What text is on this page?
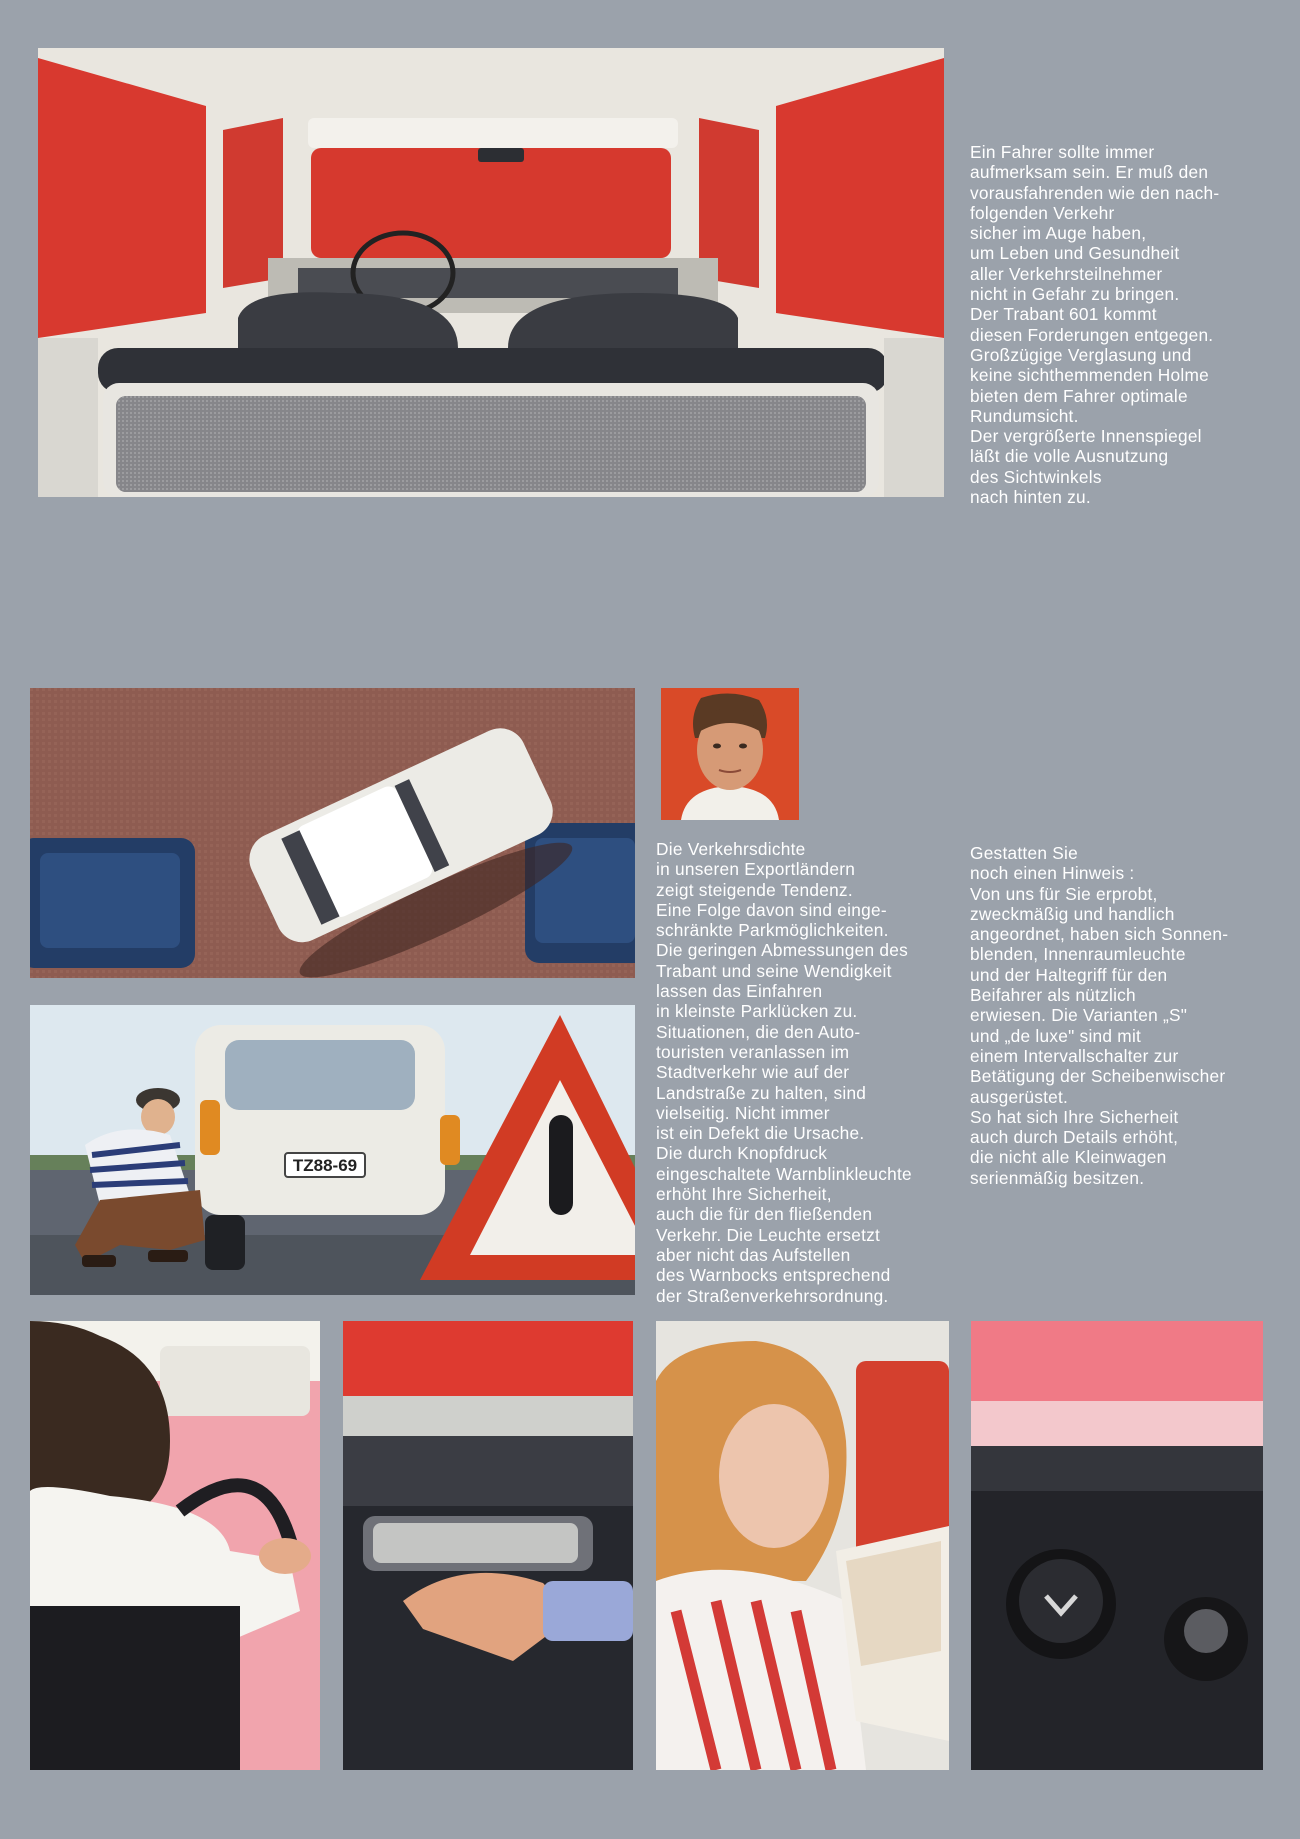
Ein Fahrer sollte immer
aufmerksam sein. Er muß den
vorausfahrenden wie den nach-
folgenden Verkehr
sicher im Auge haben,
um Leben und Gesundheit
aller Verkehrsteilnehmer
nicht in Gefahr zu bringen.
Der Trabant 601 kommt
diesen Forderungen entgegen.
Großzügige Verglasung und
keine sichthemmenden Holme
bieten dem Fahrer optimale
Rundumsicht.
Der vergrößerte Innenspiegel
läßt die volle Ausnutzung
des Sichtwinkels
nach hinten zu.
TZ88-69
Die Verkehrsdichte
in unseren Exportländern
zeigt steigende Tendenz.
Eine Folge davon sind einge-
schränkte Parkmöglichkeiten.
Die geringen Abmessungen des
Trabant und seine Wendigkeit
lassen das Einfahren
in kleinste Parklücken zu.
Situationen, die den Auto-
touristen veranlassen im
Stadtverkehr wie auf der
Landstraße zu halten, sind
vielseitig. Nicht immer
ist ein Defekt die Ursache.
Die durch Knopfdruck
eingeschaltete Warnblinkleuchte
erhöht Ihre Sicherheit,
auch die für den fließenden
Verkehr. Die Leuchte ersetzt
aber nicht das Aufstellen
des Warnbocks entsprechend
der Straßenverkehrsordnung.
Gestatten Sie
noch einen Hinweis :
Von uns für Sie erprobt,
zweckmäßig und handlich
angeordnet, haben sich Sonnen-
blenden, Innenraumleuchte
und der Haltegriff für den
Beifahrer als nützlich
erwiesen. Die Varianten „S"
und „de luxe" sind mit
einem Intervallschalter zur
Betätigung der Scheibenwischer
ausgerüstet.
So hat sich Ihre Sicherheit
auch durch Details erhöht,
die nicht alle Kleinwagen
serienmäßig besitzen.
